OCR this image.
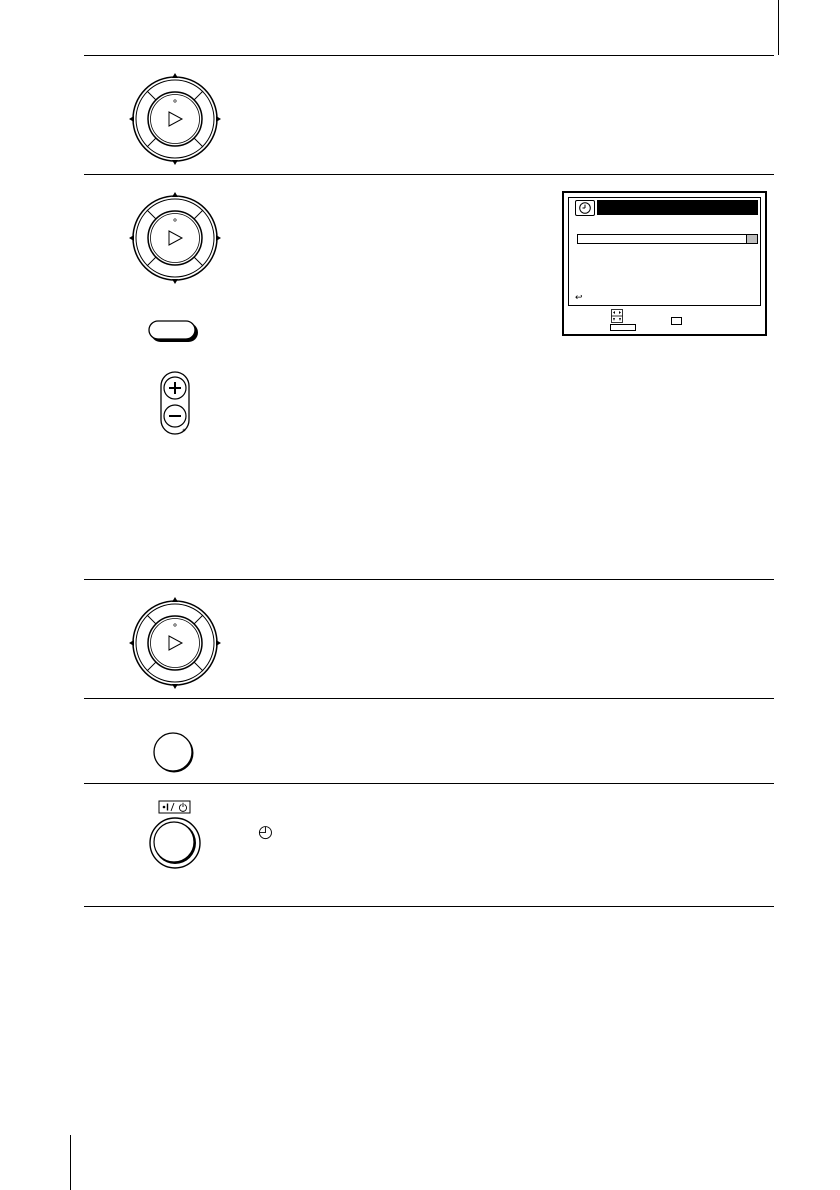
↩
◴
